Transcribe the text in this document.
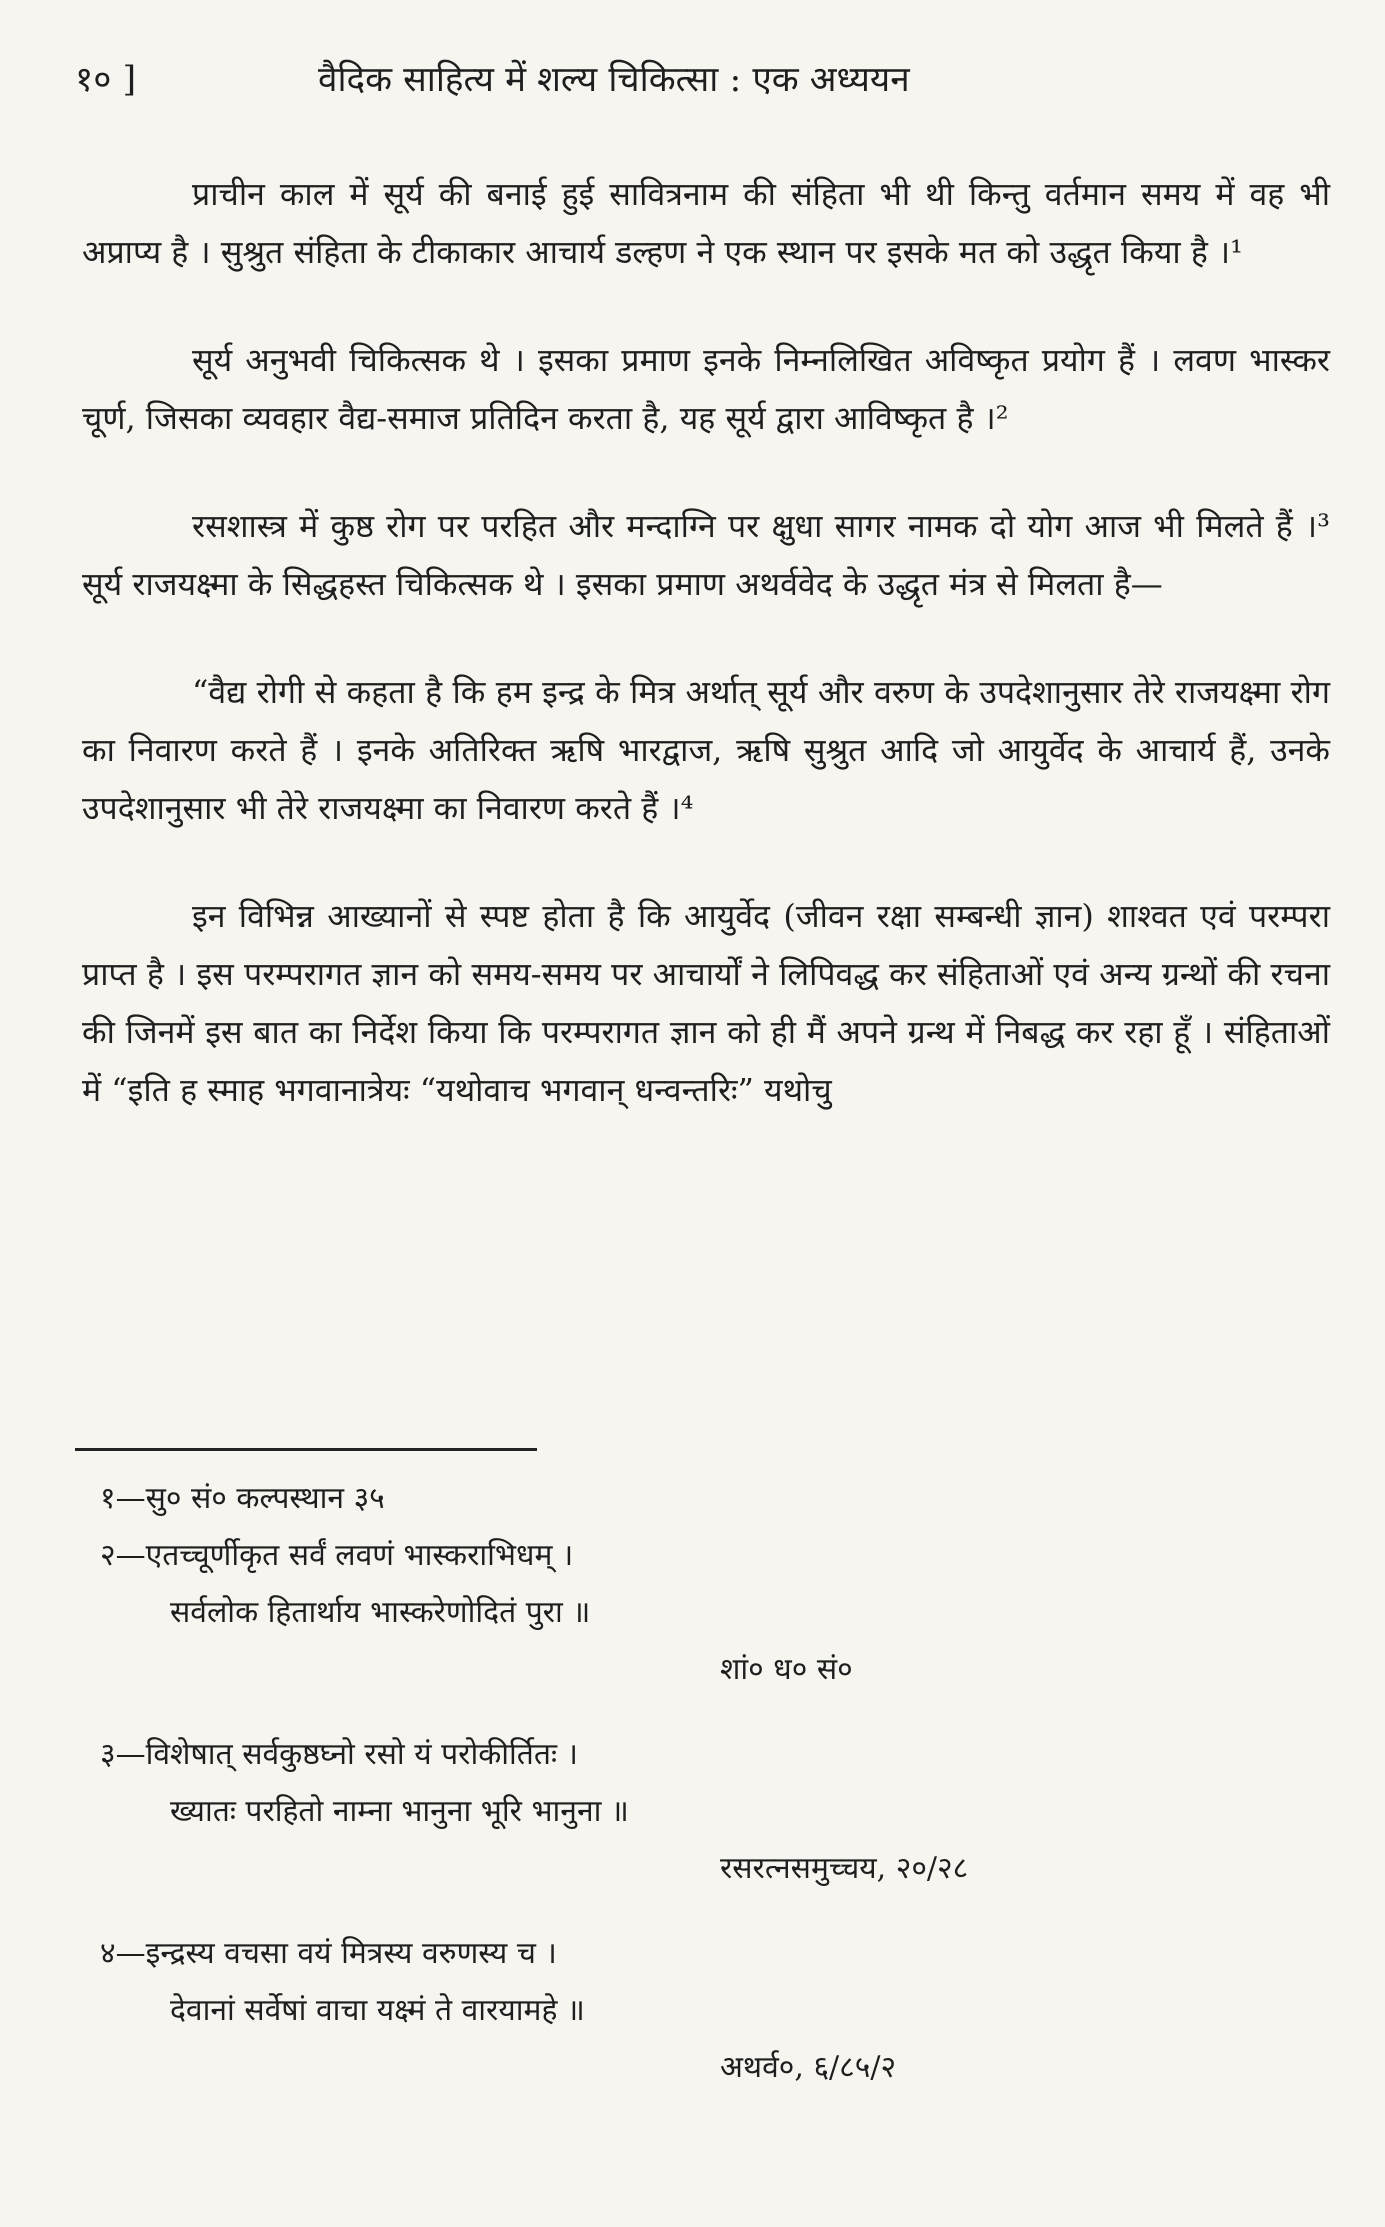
१० ]	वैदिक साहित्य में शल्य चिकित्सा : एक अध्ययन

प्राचीन काल में सूर्य की बनाई हुई सावित्रनाम की संहिता भी थी किन्तु वर्तमान समय में वह भी अप्राप्य है । सुश्रुत संहिता के टीकाकार आचार्य डल्हण ने एक स्थान पर इसके मत को उद्धृत किया है ।¹

सूर्य अनुभवी चिकित्सक थे । इसका प्रमाण इनके निम्नलिखित अविष्कृत प्रयोग हैं । लवण भास्कर चूर्ण, जिसका व्यवहार वैद्य-समाज प्रतिदिन करता है, यह सूर्य द्वारा आविष्कृत है ।²

रसशास्त्र में कुष्ठ रोग पर परहित और मन्दाग्नि पर क्षुधा सागर नामक दो योग आज भी मिलते हैं ।³ सूर्य राजयक्ष्मा के सिद्धहस्त चिकित्सक थे । इसका प्रमाण अथर्ववेद के उद्धृत मंत्र से मिलता है—

“वैद्य रोगी से कहता है कि हम इन्द्र के मित्र अर्थात् सूर्य और वरुण के उपदेशानुसार तेरे राजयक्ष्मा रोग का निवारण करते हैं । इनके अतिरिक्त ऋषि भारद्वाज, ऋषि सुश्रुत आदि जो आयुर्वेद के आचार्य हैं, उनके उपदेशानुसार भी तेरे राजयक्ष्मा का निवारण करते हैं ।⁴

इन विभिन्न आख्यानों से स्पष्ट होता है कि आयुर्वेद (जीवन रक्षा सम्बन्धी ज्ञान) शाश्वत एवं परम्परा प्राप्त है । इस परम्परागत ज्ञान को समय-समय पर आचार्यों ने लिपिवद्ध कर संहिताओं एवं अन्य ग्रन्थों की रचना की जिनमें इस बात का निर्देश किया कि परम्परागत ज्ञान को ही मैं अपने ग्रन्थ में निबद्ध कर रहा हूँ । संहिताओं में “इति ह स्माह भगवानात्रेयः “यथोवाच भगवान् धन्वन्तरिः” यथोचु

१—सु० सं० कल्पस्थान ३५
२—एतच्चूर्णीकृत सर्वं लवणं भास्कराभिधम् ।
सर्वलोक हितार्थाय भास्करेणोदितं पुरा ॥
शां० ध० सं०
३—विशेषात् सर्वकुष्ठघ्नो रसो यं परोकीर्तितः ।
ख्यातः परहितो नाम्ना भानुना भूरि भानुना ॥
रसरत्नसमुच्चय, २०/२८
४—इन्द्रस्य वचसा वयं मित्रस्य वरुणस्य च ।
देवानां सर्वेषां वाचा यक्ष्मं ते वारयामहे ॥
अथर्व०, ६/८५/२
